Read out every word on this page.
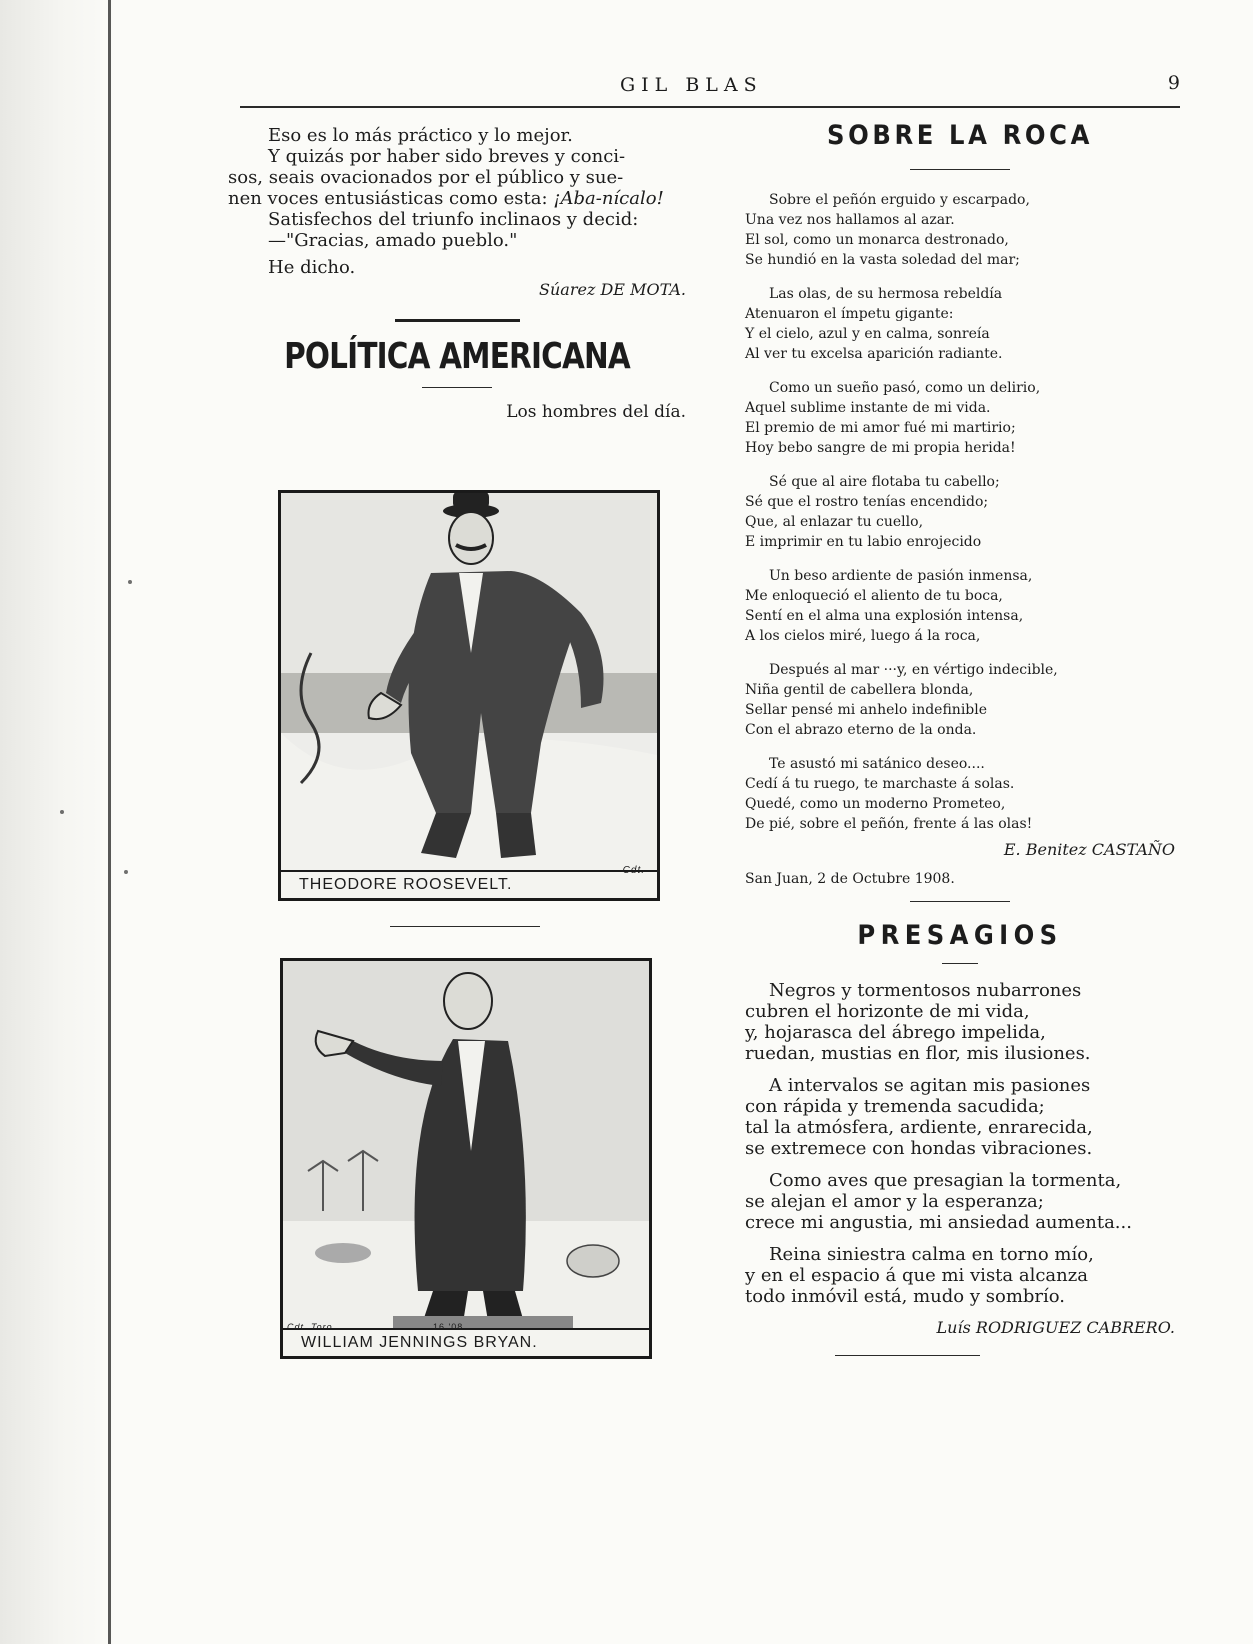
GIL BLAS	9

Eso es lo más práctico y lo mejor.

Y quizás por haber sido breves y conci-

sos, seais ovacionados por el público y sue-

nen voces entusiásticas como esta: ¡Aba-nícalo!

Satisfechos del triunfo inclinaos y decid:

—"Gracias, amado pueblo."

He dicho.

Súarez DE MOTA.
POLÍTICA AMERICANA
Los hombres del día.
THEODORE ROOSEVELT.
Cdt.
WILLIAM JENNINGS BRYAN.
Cdt. Toro	16 '08
SOBRE LA ROCA
Sobre el peñón erguido y escarpado,
Una vez nos hallamos al azar.
El sol, como un monarca destronado,
Se hundió en la vasta soledad del mar;
Las olas, de su hermosa rebeldía
Atenuaron el ímpetu gigante:
Y el cielo, azul y en calma, sonreía
Al ver tu excelsa aparición radiante.
Como un sueño pasó, como un delirio,
Aquel sublime instante de mi vida.
El premio de mi amor fué mi martirio;
Hoy bebo sangre de mi propia herida!
Sé que al aire flotaba tu cabello;
Sé que el rostro tenías encendido;
Que, al enlazar tu cuello,
E imprimir en tu labio enrojecido
Un beso ardiente de pasión inmensa,
Me enloqueció el aliento de tu boca,
Sentí en el alma una explosión intensa,
A los cielos miré, luego á la roca,
Después al mar ···y, en vértigo indecible,
Niña gentil de cabellera blonda,
Sellar pensé mi anhelo indefinible
Con el abrazo eterno de la onda.
Te asustó mi satánico deseo....
Cedí á tu ruego, te marchaste á solas.
Quedé, como un moderno Prometeo,
De pié, sobre el peñón, frente á las olas!
E. Benitez CASTAÑO
San Juan, 2 de Octubre 1908.
PRESAGIOS
Negros y tormentosos nubarrones
cubren el horizonte de mi vida,
y, hojarasca del ábrego impelida,
ruedan, mustias en flor, mis ilusiones.
A intervalos se agitan mis pasiones
con rápida y tremenda sacudida;
tal la atmósfera, ardiente, enrarecida,
se extremece con hondas vibraciones.
Como aves que presagian la tormenta,
se alejan el amor y la esperanza;
crece mi angustia, mi ansiedad aumenta...
Reina siniestra calma en torno mío,
y en el espacio á que mi vista alcanza
todo inmóvil está, mudo y sombrío.
Luís RODRIGUEZ CABRERO.
